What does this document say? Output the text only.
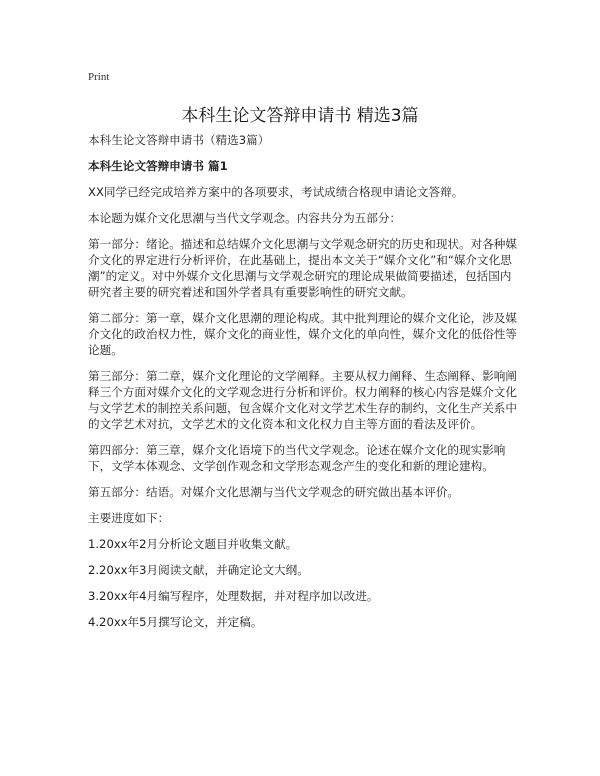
Print
本科生论文答辩申请书 精选3篇

本科生论文答辩申请书（精选3篇）

本科生论文答辩申请书 篇1

XX同学已经完成培养方案中的各项要求，考试成绩合格现申请论文答辩。

本论题为媒介文化思潮与当代文学观念。内容共分为五部分：

第一部分：绪论。描述和总结媒介文化思潮与文学观念研究的历史和现状。对各种媒介文化的界定进行分析评价，在此基础上，提出本文关于“媒介文化”和“媒介文化思潮”的定义。对中外媒介文化思潮与文学观念研究的理论成果做简要描述，包括国内研究者主要的研究着述和国外学者具有重要影响性的研究文献。

第二部分：第一章，媒介文化思潮的理论构成。其中批判理论的媒介文化论，涉及媒介文化的政治权力性，媒介文化的商业性，媒介文化的单向性，媒介文化的低俗性等论题。

第三部分：第二章，媒介文化理论的文学阐释。主要从权力阐释、生态阐释、影响阐释三个方面对媒介文化的文学观念进行分析和评价。权力阐释的核心内容是媒介文化与文学艺术的制控关系问题，包含媒介文化对文学艺术生存的制约，文化生产关系中的文学艺术对抗，文学艺术的文化资本和文化权力自主等方面的看法及评价。

第四部分：第三章，媒介文化语境下的当代文学观念。论述在媒介文化的现实影响下，文学本体观念、文学创作观念和文学形态观念产生的变化和新的理论建构。

第五部分：结语。对媒介文化思潮与当代文学观念的研究做出基本评价。

主要进度如下：

1.20xx年2月分析论文题目并收集文献。

2.20xx年3月阅读文献，并确定论文大纲。

3.20xx年4月编写程序，处理数据，并对程序加以改进。

4.20xx年5月撰写论文，并定稿。
